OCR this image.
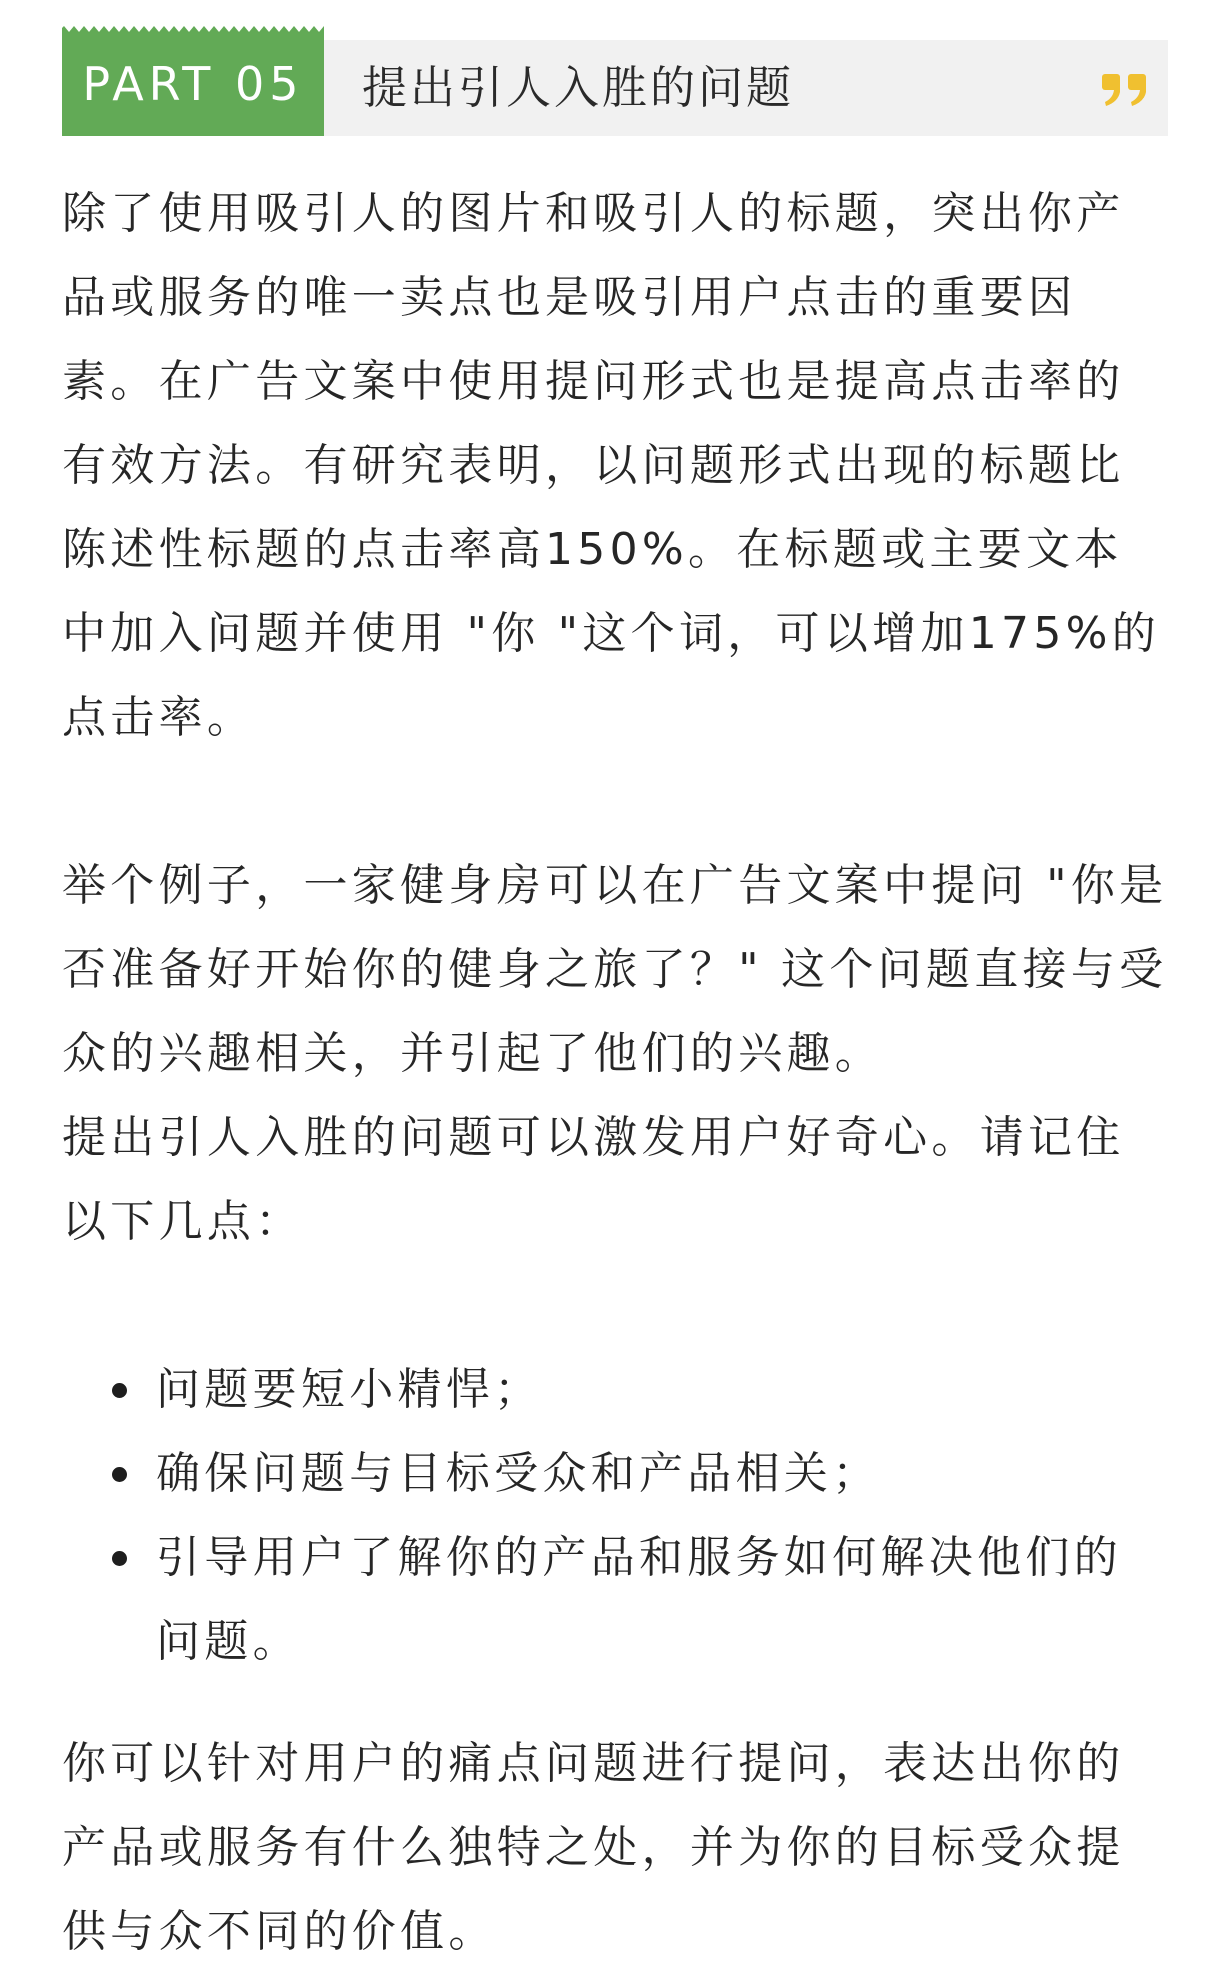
PART 05	提出引人入胜的问题

除了使用吸引人的图片和吸引人的标题，突出你产品或服务的唯一卖点也是吸引用户点击的重要因素。在广告文案中使用提问形式也是提高点击率的有效方法。有研究表明，以问题形式出现的标题比陈述性标题的点击率高150%。在标题或主要文本中加入问题并使用 "你 "这个词，可以增加175%的点击率。

举个例子，一家健身房可以在广告文案中提问 "你是否准备好开始你的健身之旅了？" 这个问题直接与受众的兴趣相关，并引起了他们的兴趣。

提出引人入胜的问题可以激发用户好奇心。请记住以下几点：

问题要短小精悍；
确保问题与目标受众和产品相关；
引导用户了解你的产品和服务如何解决他们的问题。

你可以针对用户的痛点问题进行提问，表达出你的产品或服务有什么独特之处，并为你的目标受众提供与众不同的价值。
